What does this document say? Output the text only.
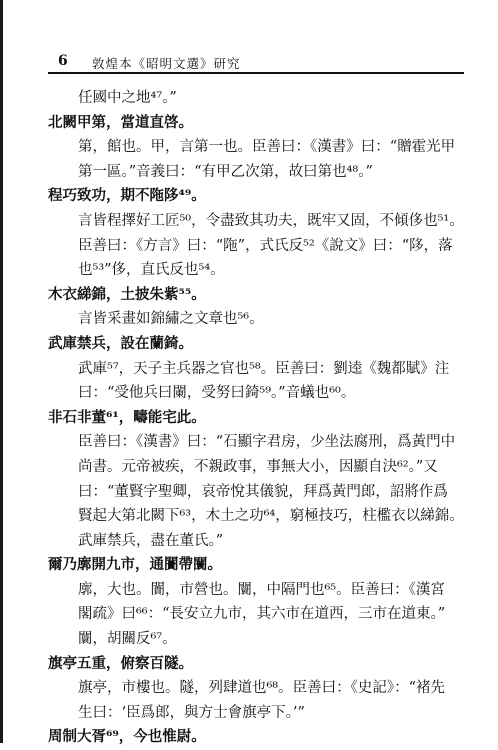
6 敦煌本《昭明文選》研究
任國中之地⁴⁷。”
北闕甲第，當道直啓。
第，館也。甲，言第一也。臣善曰：《漢書》曰：“贈霍光甲
第一區。”音義曰：“有甲乙次第，故曰第也⁴⁸。”
程巧致功，期不陁陊⁴⁹。
言皆程擇好工匠⁵⁰，令盡致其功夫，既牢又固，不傾侈也⁵¹。
臣善曰：《方言》曰：“陁”，式氏反⁵²《說文》曰：“陊，落
也⁵³”侈，直氏反也⁵⁴。
木衣綈錦，土披朱紫⁵⁵。
言皆采畫如錦繡之文章也⁵⁶。
武庫禁兵，設在蘭錡。
武庫⁵⁷，天子主兵器之官也⁵⁸。臣善曰：劉逵《魏都賦》注
曰：“受他兵曰闌，受努曰錡⁵⁹。”音蟻也⁶⁰。
非石非董⁶¹，疇能宅此。
臣善曰：《漢書》曰：“石顯字君房，少坐法腐刑，爲黃門中
尚書。元帝被疾，不親政事，事無大小，因顯自決⁶²。”又
曰：“董賢字聖卿，哀帝悅其儀貌，拜爲黃門郎，詔將作爲
賢起大第北闕下⁶³，木土之功⁶⁴，窮極技巧，柱檻衣以綈錦。
武庫禁兵，盡在董氏。”
爾乃廓開九市，通闠帶闤。
廓，大也。闠，市營也。闤，中隔門也⁶⁵。臣善曰：《漢宮
閣疏》曰⁶⁶：“長安立九市，其六市在道西，三市在道東。”
闤，胡關反⁶⁷。
旗亭五重，俯察百隧。
旗亭，市樓也。隧，列肆道也⁶⁸。臣善曰：《史記》：“褚先
生曰：‘臣爲郎，與方士會旗亭下。’”
周制大胥⁶⁹，今也惟尉。
